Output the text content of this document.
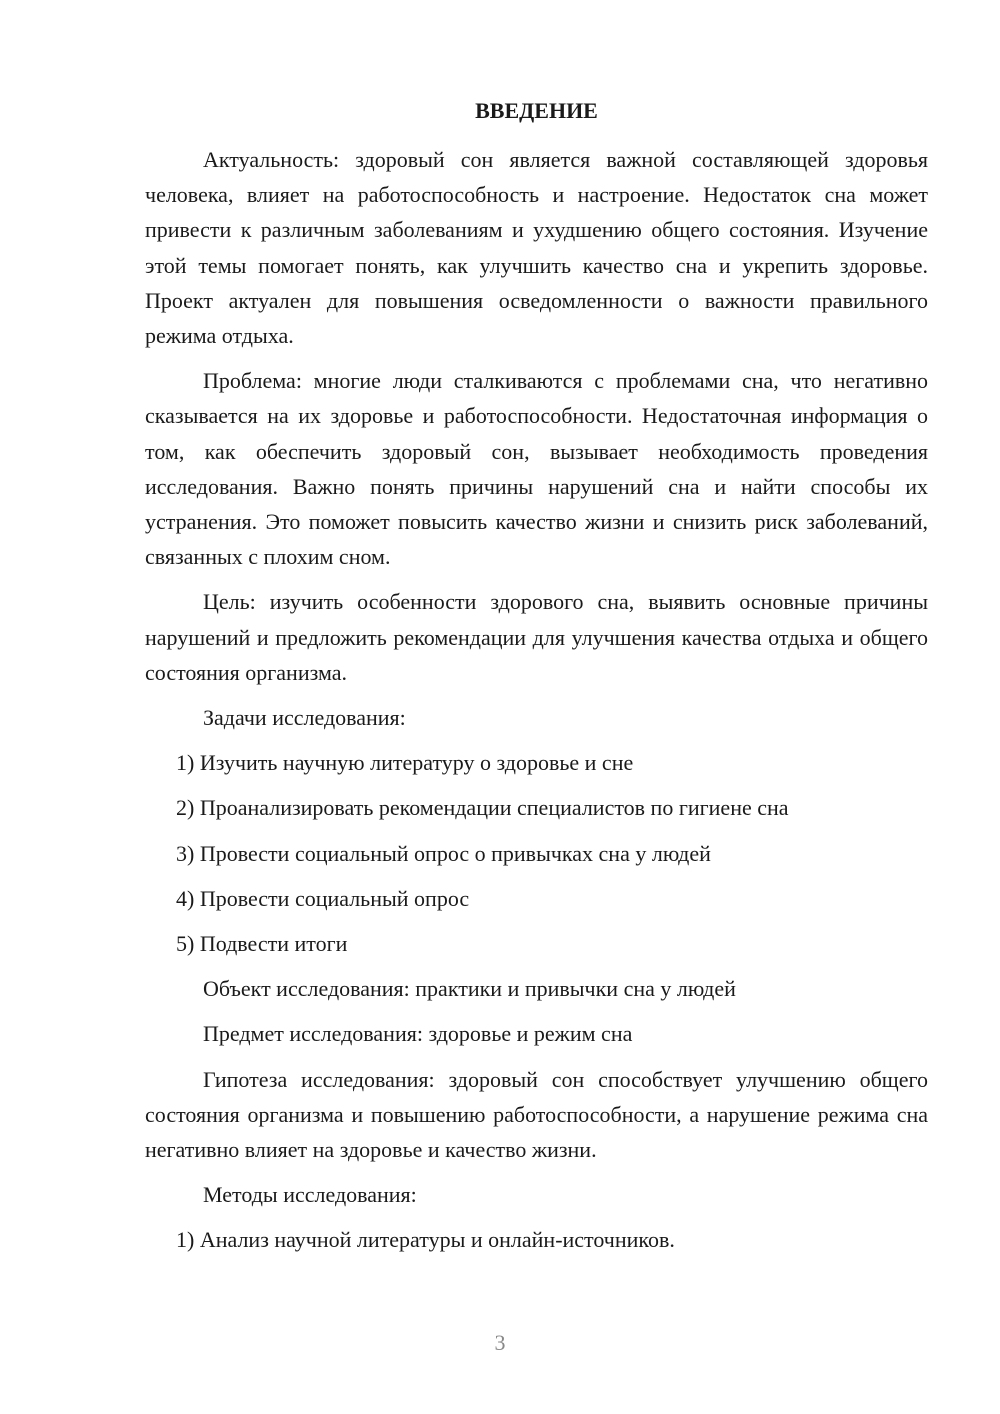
ВВЕДЕНИЕ

Актуальность: здоровый сон является важной составляющей здоровья человека, влияет на работоспособность и настроение. Недостаток сна может привести к различным заболеваниям и ухудшению общего состояния. Изучение этой темы помогает понять, как улучшить качество сна и укрепить здоровье. Проект актуален для повышения осведомленности о важности правильного режима отдыха.

Проблема: многие люди сталкиваются с проблемами сна, что негативно сказывается на их здоровье и работоспособности. Недостаточная информация о том, как обеспечить здоровый сон, вызывает необходимость проведения исследования. Важно понять причины нарушений сна и найти способы их устранения. Это поможет повысить качество жизни и снизить риск заболеваний, связанных с плохим сном.

Цель: изучить особенности здорового сна, выявить основные причины нарушений и предложить рекомендации для улучшения качества отдыха и общего состояния организма.

Задачи исследования:
1) Изучить научную литературу о здоровье и сне
2) Проанализировать рекомендации специалистов по гигиене сна
3) Провести социальный опрос о привычках сна у людей
4) Провести социальный опрос
5) Подвести итоги
Объект исследования: практики и привычки сна у людей
Предмет исследования: здоровье и режим сна

Гипотеза исследования: здоровый сон способствует улучшению общего состояния организма и повышению работоспособности, а нарушение режима сна негативно влияет на здоровье и качество жизни.

Методы исследования:
1) Анализ научной литературы и онлайн-источников.
3
